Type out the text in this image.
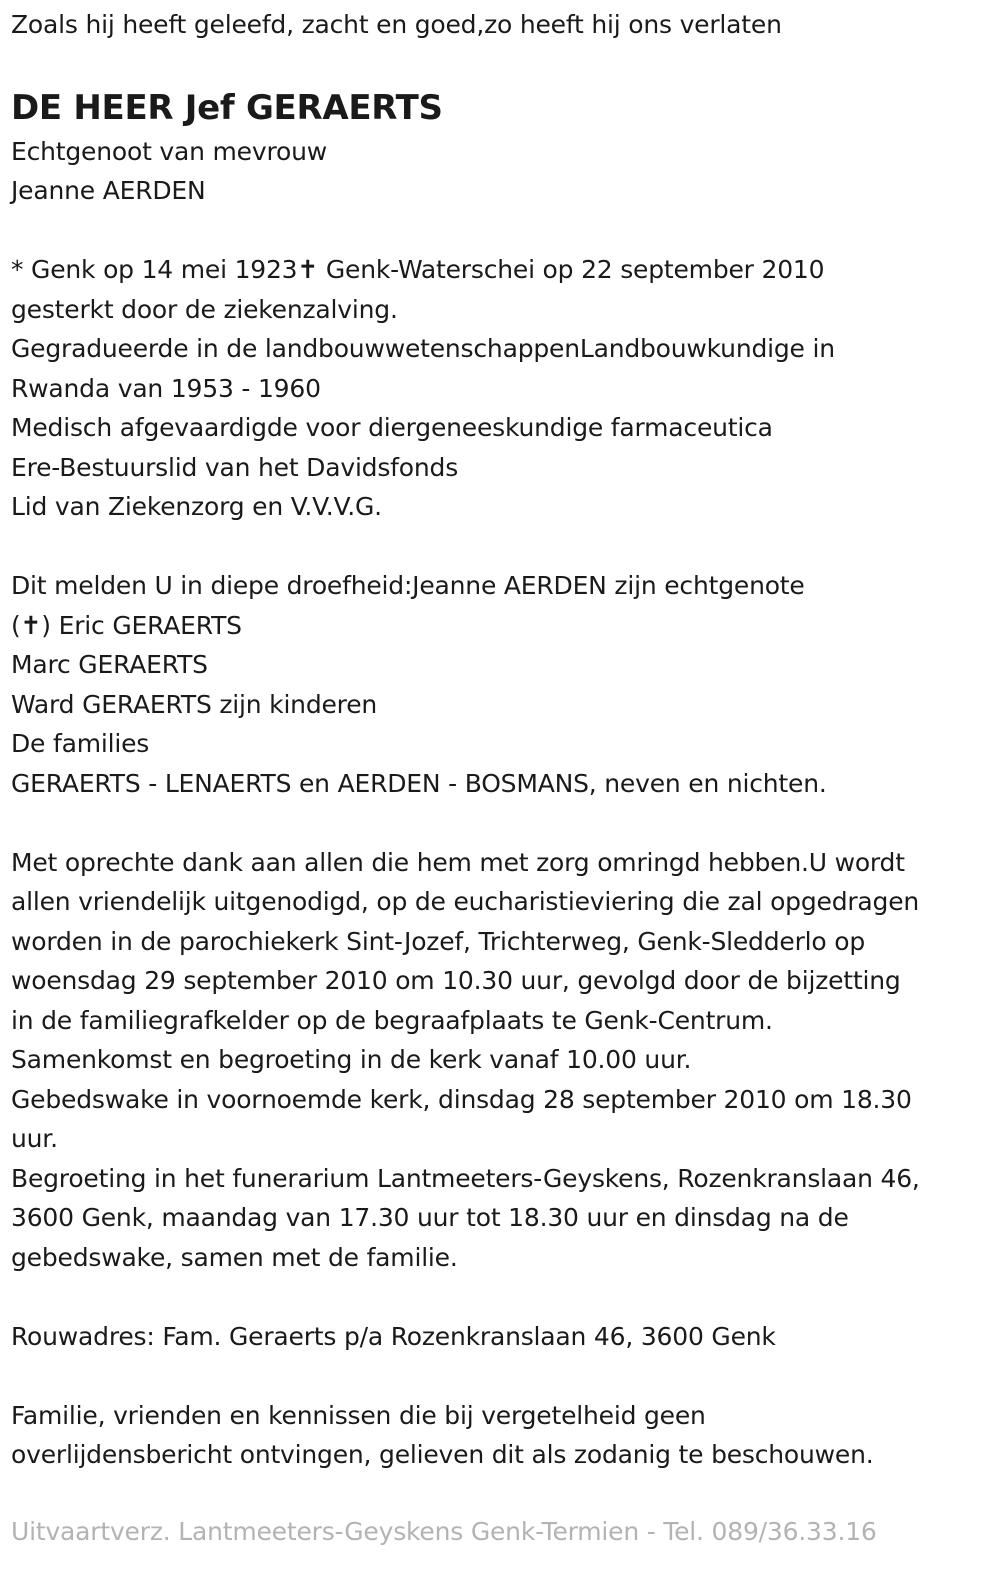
Zoals hij heeft geleefd, zacht en goed,zo heeft hij ons verlaten
DE HEER Jef GERAERTS
Echtgenoot van mevrouw
Jeanne AERDEN
* Genk op 14 mei 1923✝ Genk-Waterschei op 22 september 2010
gesterkt door de ziekenzalving.
Gegradueerde in de landbouwwetenschappenLandbouwkundige in
Rwanda van 1953 - 1960
Medisch afgevaardigde voor diergeneeskundige farmaceutica
Ere-Bestuurslid van het Davidsfonds
Lid van Ziekenzorg en V.V.V.G.
Dit melden U in diepe droefheid:Jeanne AERDEN zijn echtgenote
(✝) Eric GERAERTS
Marc GERAERTS
Ward GERAERTS zijn kinderen
De families
GERAERTS - LENAERTS en AERDEN - BOSMANS, neven en nichten.
Met oprechte dank aan allen die hem met zorg omringd hebben.U wordt
allen vriendelijk uitgenodigd, op de eucharistieviering die zal opgedragen
worden in de parochiekerk Sint-Jozef, Trichterweg, Genk-Sledderlo op
woensdag 29 september 2010 om 10.30 uur, gevolgd door de bijzetting
in de familiegrafkelder op de begraafplaats te Genk-Centrum.
Samenkomst en begroeting in de kerk vanaf 10.00 uur.
Gebedswake in voornoemde kerk, dinsdag 28 september 2010 om 18.30
uur.
Begroeting in het funerarium Lantmeeters-Geyskens, Rozenkranslaan 46,
3600 Genk, maandag van 17.30 uur tot 18.30 uur en dinsdag na de
gebedswake, samen met de familie.
Rouwadres: Fam. Geraerts p/a Rozenkranslaan 46, 3600 Genk
Familie, vrienden en kennissen die bij vergetelheid geen
overlijdensbericht ontvingen, gelieven dit als zodanig te beschouwen.
Uitvaartverz. Lantmeeters-Geyskens Genk-Termien - Tel. 089/36.33.16
